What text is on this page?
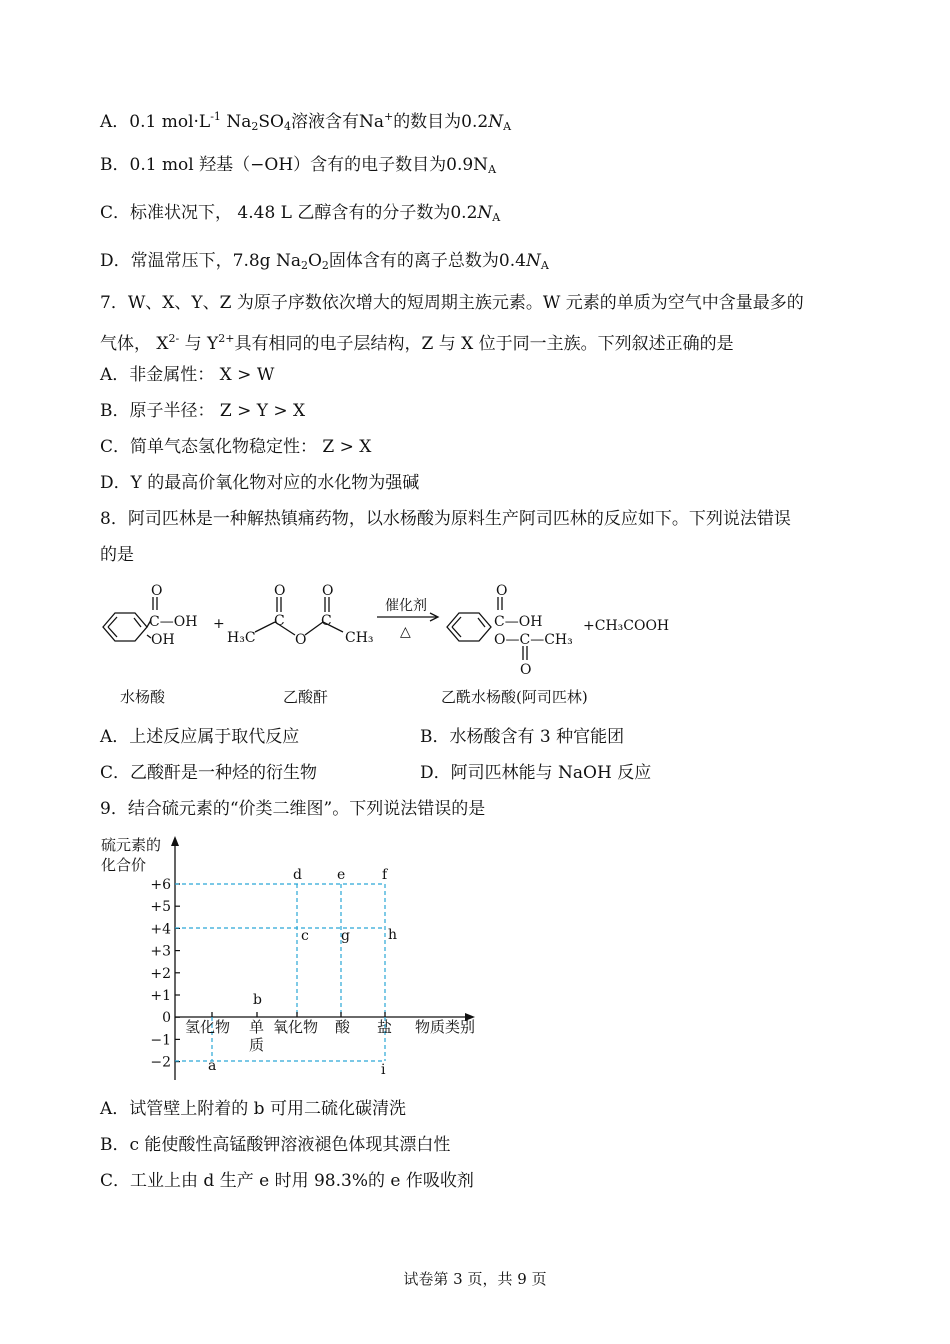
A．0.1 $mol\cdot L^{-1}$ $Na_2SO_4$溶液含有Na+的数目为$0.2N_A$
B．0.1 mol 羟基（−OH）含有的电子数目为$0.9N_A$
C．标准状况下， 4.48 L 乙醇含有的分子数为$0.2N_A$
D．常温常压下，7.8g $Na_2O_2$固体含有的离子总数为$0.4N_A$
7．W、X、Y、Z 为原子序数依次增大的短周期主族元素。W 元素的单质为空气中含量最多的
气体， $X^{2-}$ 与 $Y^{2+}$具有相同的电子层结构，Z 与 X 位于同一主族。下列叙述正确的是
A．非金属性： X > W
B．原子半径： Z > Y > X
C．简单气态氢化物稳定性： Z > X
D．Y 的最高价氧化物对应的水化物为强碱
8．阿司匹林是一种解热镇痛药物，以水杨酸为原料生产阿司匹林的反应如下。下列说法错误
的是
O
C—OH
OH
+
O	O
C	C
O
H₃C	CH₃
催化剂
△
O
C—OH
O—C—CH₃
O
+CH₃COOH
水杨酸	乙酸酐	乙酰水杨酸(阿司匹林)
A．上述反应属于取代反应	B．水杨酸含有 3 种官能团
C．乙酸酐是一种烃的衍生物	D．阿司匹林能与 NaOH 反应
9．结合硫元素的“价类二维图”。下列说法错误的是
硫元素的
化合价
+6
+5
+4
+3
+2
+1
0
−1
−2
氢化物 单
质
氧化物 酸 盐 物质类别
a
b
c
d	e	f
g	h
i
A．试管壁上附着的 b 可用二硫化碳清洗
B．c 能使酸性高锰酸钾溶液褪色体现其漂白性
C．工业上由 d 生产 e 时用 98.3%的 e 作吸收剂
试卷第 3 页，共 9 页
